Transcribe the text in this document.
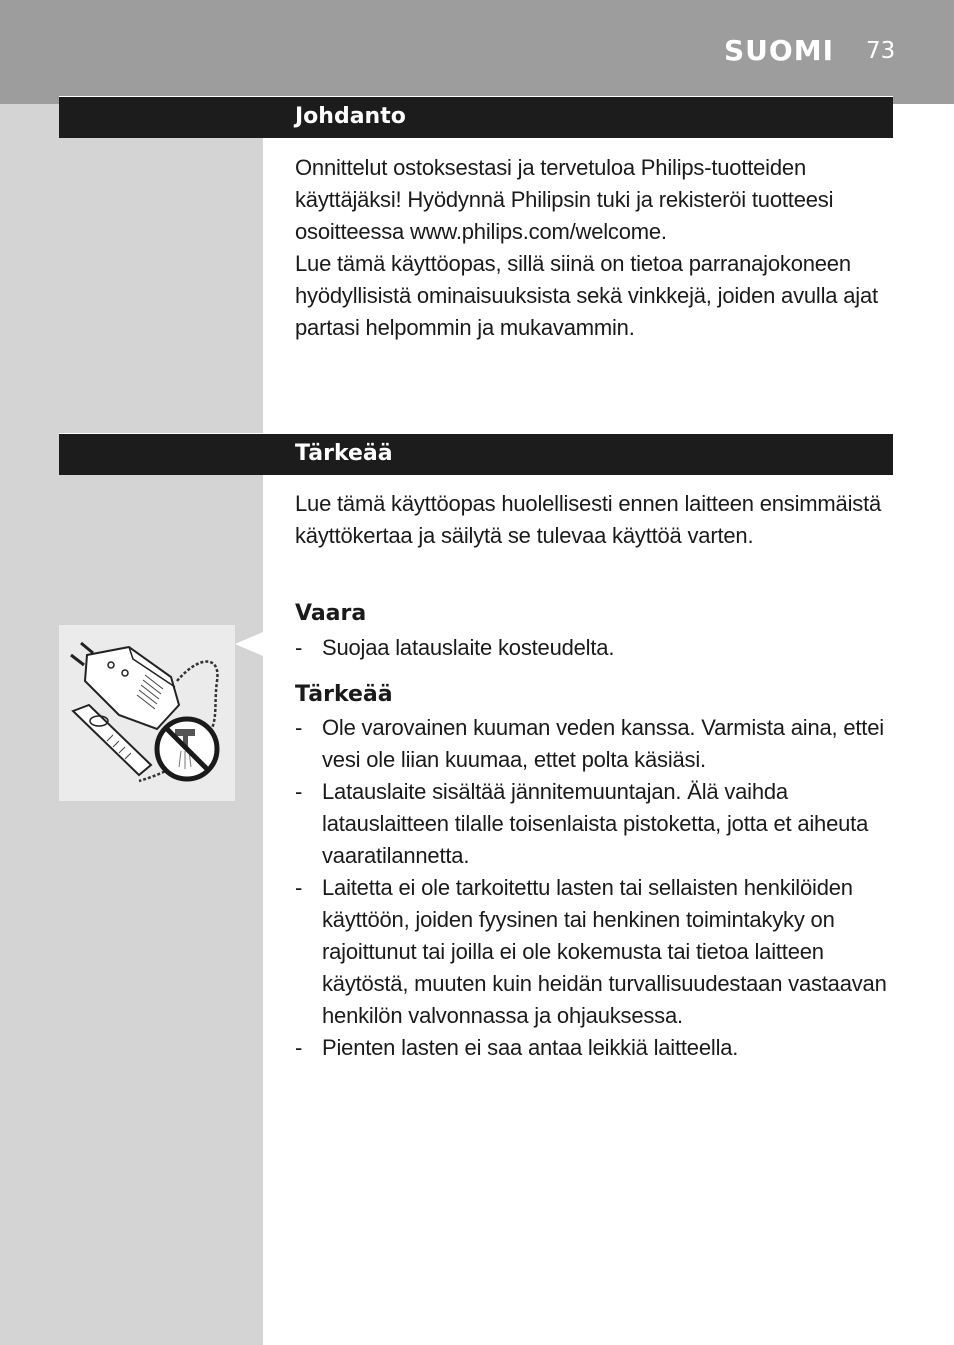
SUOMI 73
Johdanto

Onnittelut ostoksestasi ja tervetuloa Philips-tuotteiden käyttäjäksi! Hyödynnä Philipsin tuki ja rekisteröi tuotteesi osoitteessa www.philips.com/welcome.

Lue tämä käyttöopas, sillä siinä on tietoa parranajokoneen hyödyllisistä ominaisuuksista sekä vinkkejä, joiden avulla ajat partasi helpommin ja mukavammin.

Tärkeää

Lue tämä käyttöopas huolellisesti ennen laitteen ensimmäistä käyttökertaa ja säilytä se tulevaa käyttöä varten.

Vaara
- Suojaa latauslaite kosteudelta.
Tärkeää
- Ole varovainen kuuman veden kanssa. Varmista aina, ettei vesi ole liian kuumaa, ettet polta käsiäsi.
- Latauslaite sisältää jännitemuuntajan. Älä vaihda latauslaitteen tilalle toisenlaista pistoketta, jotta et aiheuta vaaratilannetta.
- Laitetta ei ole tarkoitettu lasten tai sellaisten henkilöiden käyttöön, joiden fyysinen tai henkinen toimintakyky on rajoittunut tai joilla ei ole kokemusta tai tietoa laitteen käytöstä, muuten kuin heidän turvallisuudestaan vastaavan henkilön valvonnassa ja ohjauksessa.
- Pienten lasten ei saa antaa leikkiä laitteella.
